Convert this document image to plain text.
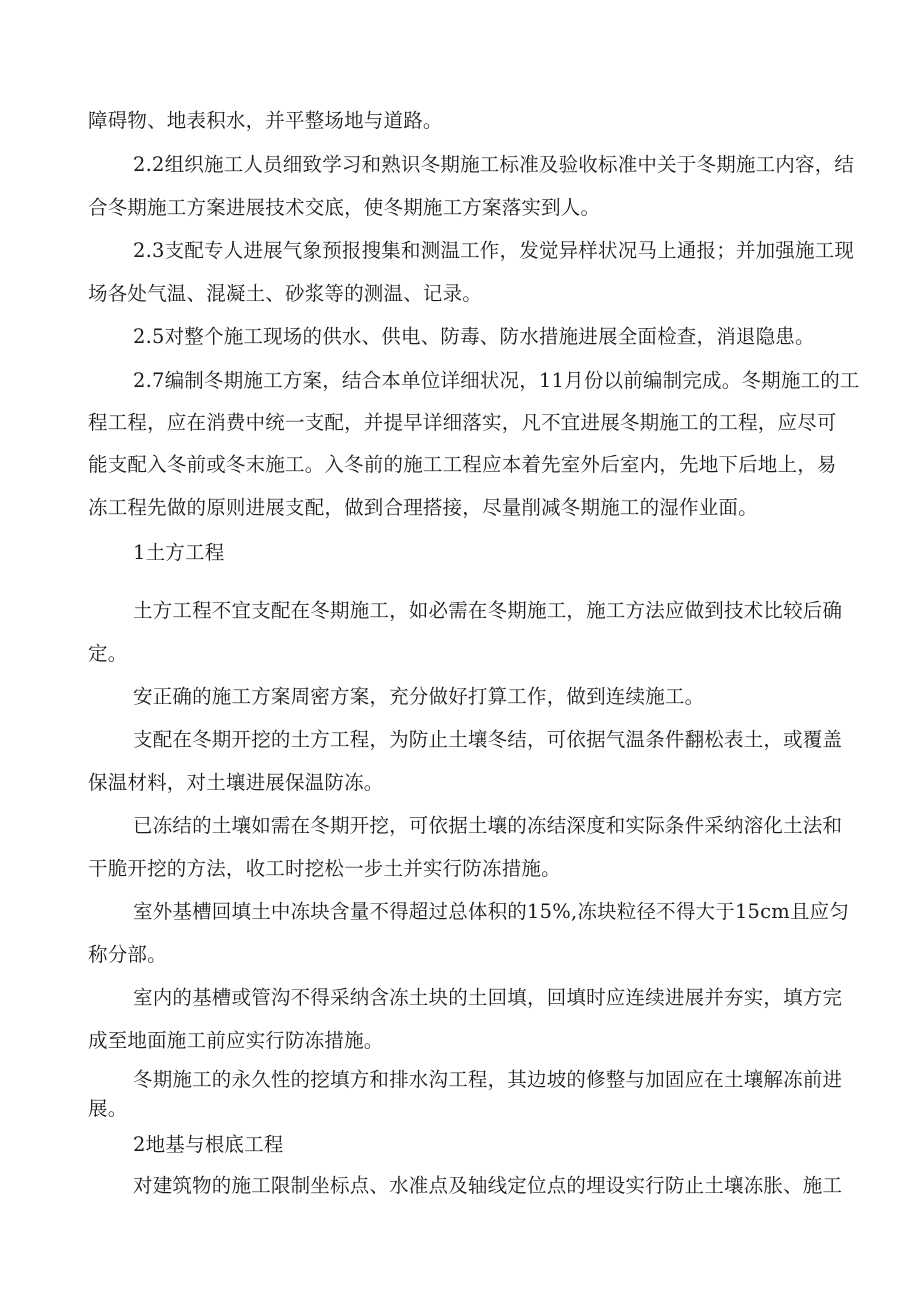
障碍物、地表积水，并平整场地与道路。
2.2组织施工人员细致学习和熟识冬期施工标准及验收标准中关于冬期施工内容，结
合冬期施工方案进展技术交底，使冬期施工方案落实到人。
2.3支配专人进展气象预报搜集和测温工作，发觉异样状况马上通报；并加强施工现
场各处气温、混凝土、砂浆等的测温、记录。
2.5对整个施工现场的供水、供电、防毒、防水措施进展全面检查，消退隐患。
2.7编制冬期施工方案，结合本单位详细状况，11月份以前编制完成。冬期施工的工
程工程，应在消费中统一支配，并提早详细落实，凡不宜进展冬期施工的工程，应尽可
能支配入冬前或冬末施工。入冬前的施工工程应本着先室外后室内，先地下后地上，易
冻工程先做的原则进展支配，做到合理搭接，尽量削减冬期施工的湿作业面。
1土方工程
土方工程不宜支配在冬期施工，如必需在冬期施工，施工方法应做到技术比较后确
定。
安正确的施工方案周密方案，充分做好打算工作，做到连续施工。
支配在冬期开挖的土方工程，为防止土壤冬结，可依据气温条件翻松表土，或覆盖
保温材料，对土壤进展保温防冻。
已冻结的土壤如需在冬期开挖，可依据土壤的冻结深度和实际条件采纳溶化土法和
干脆开挖的方法，收工时挖松一步土并实行防冻措施。
室外基槽回填土中冻块含量不得超过总体积的15%,冻块粒径不得大于15cm且应匀
称分部。
室内的基槽或管沟不得采纳含冻土块的土回填，回填时应连续进展并夯实，填方完
成至地面施工前应实行防冻措施。
冬期施工的永久性的挖填方和排水沟工程，其边坡的修整与加固应在土壤解冻前进
展。
2地基与根底工程
对建筑物的施工限制坐标点、水准点及轴线定位点的埋设实行防止土壤冻胀、施工
